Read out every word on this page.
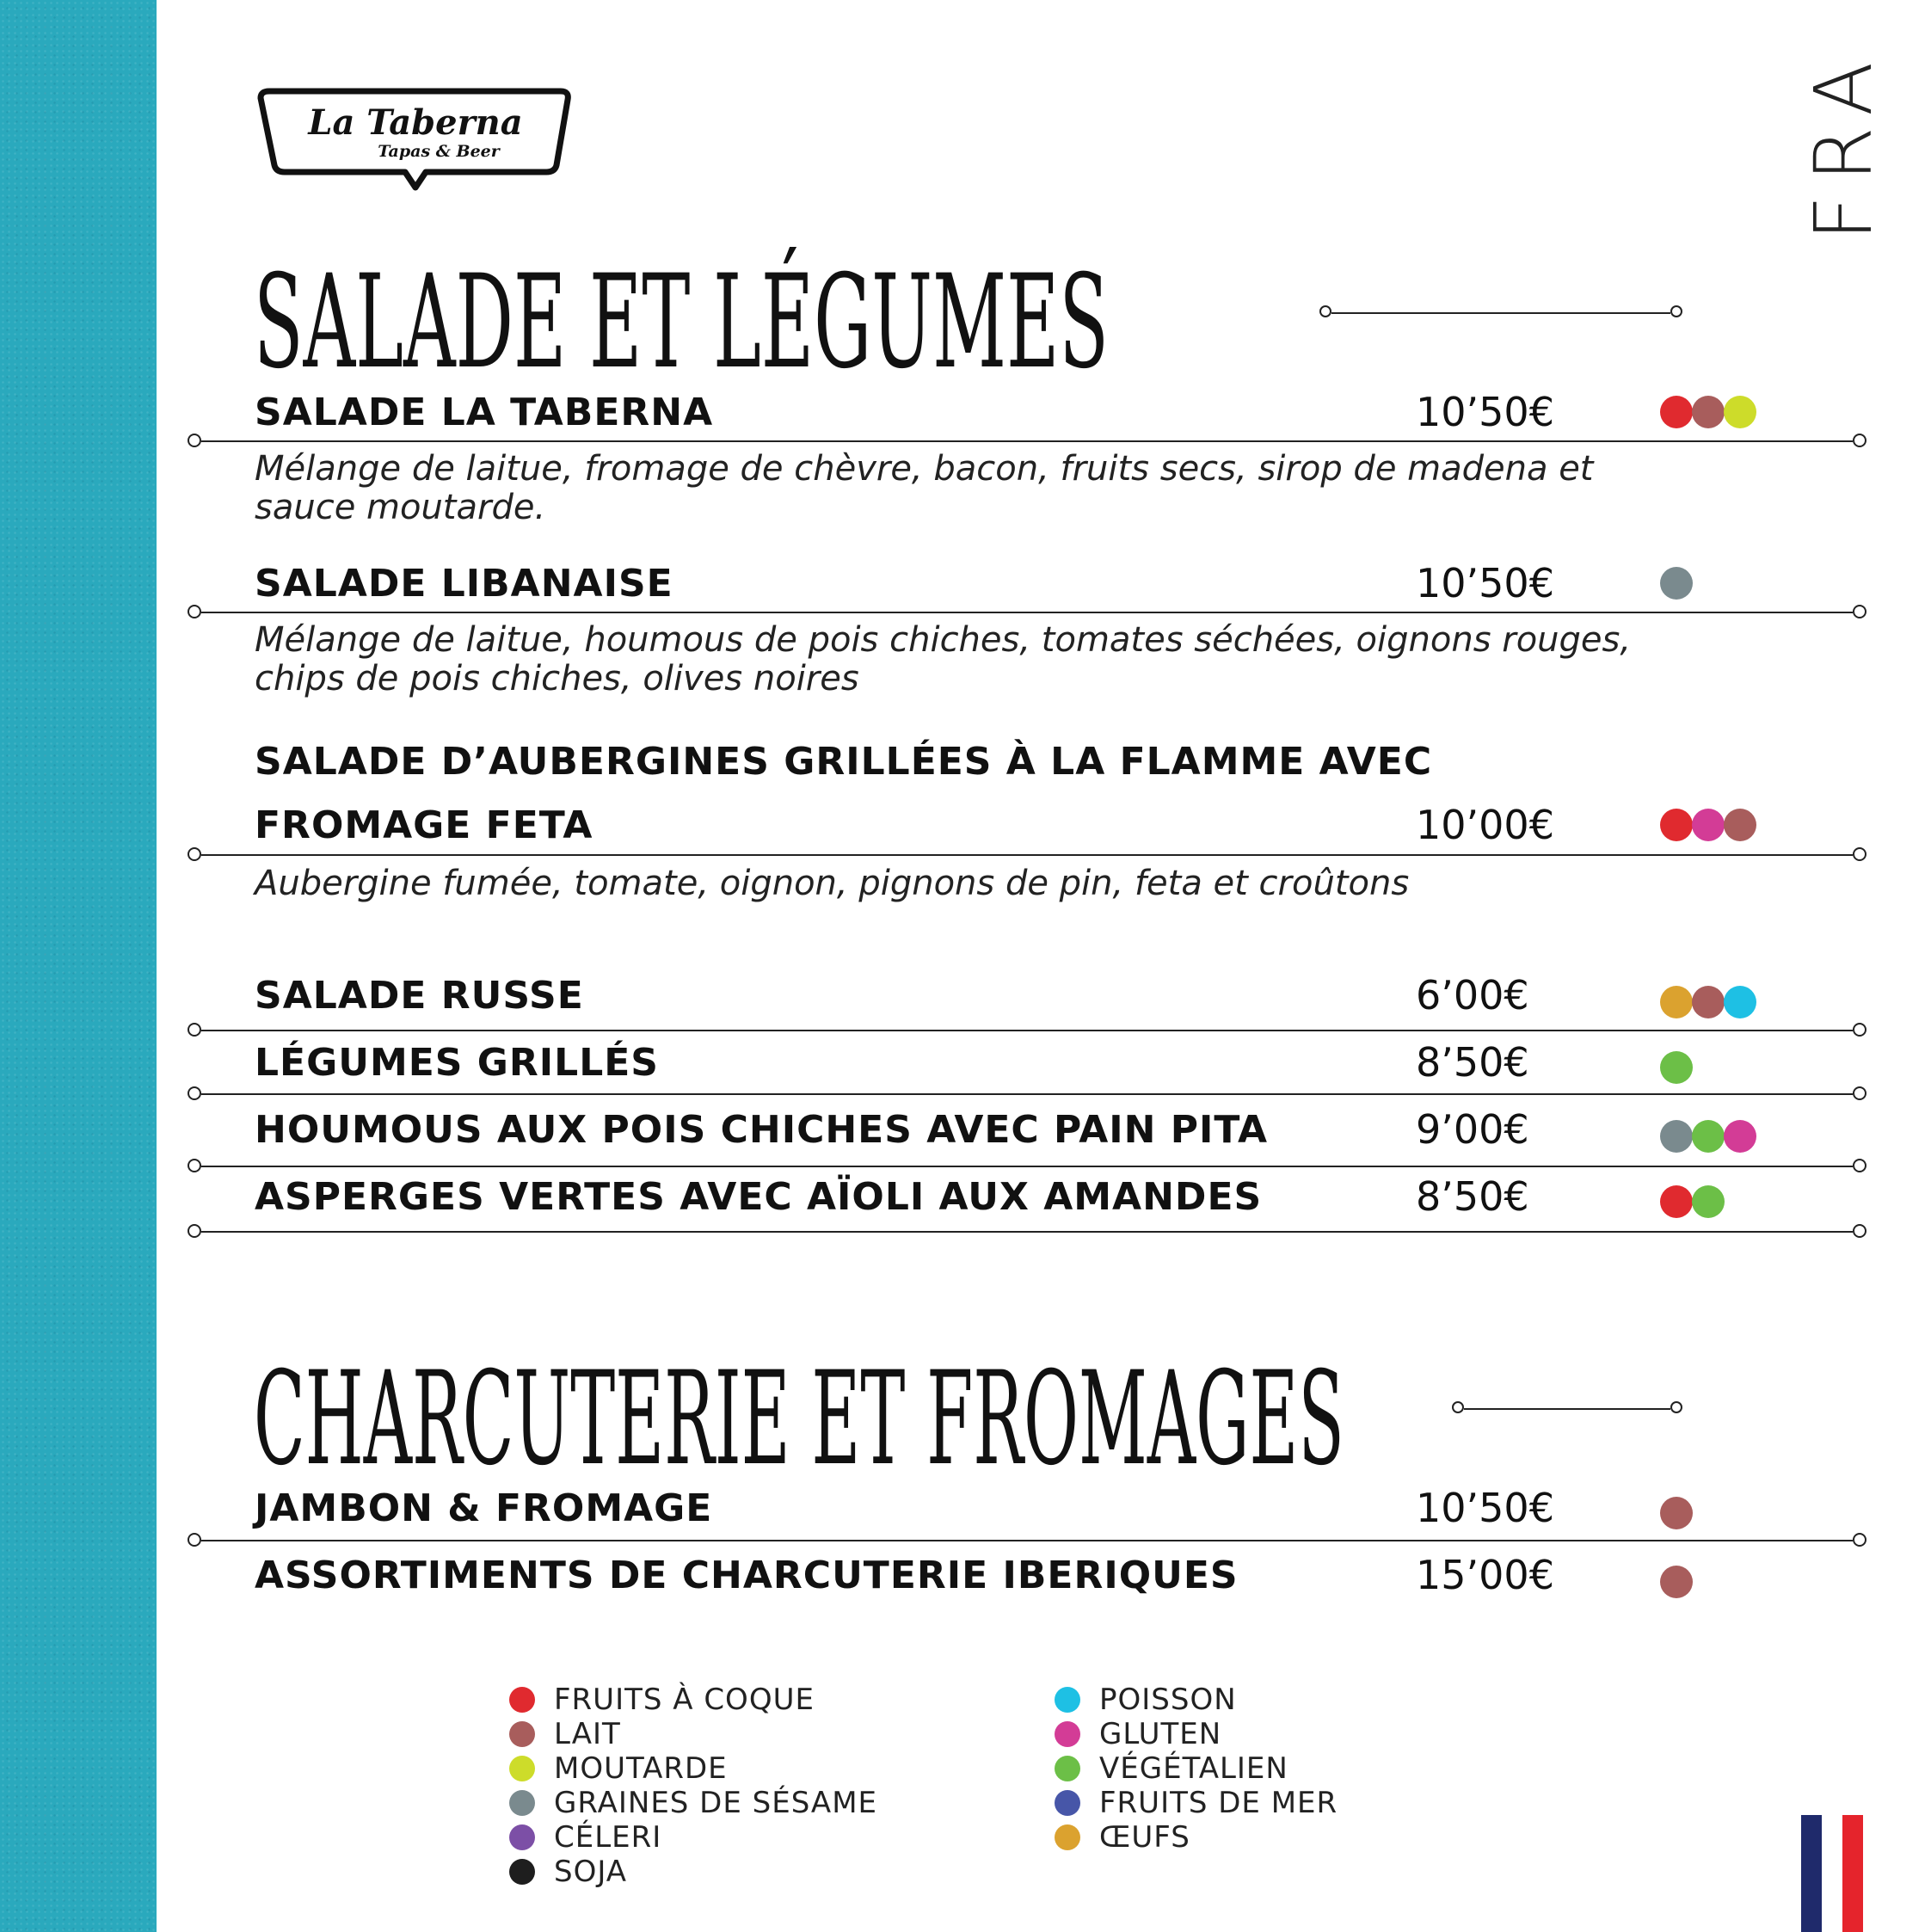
La Taberna
Tapas & Beer	FRA
SALADE ET LÉGUMES
SALADE LA TABERNA	10’50€
Mélange de laitue, fromage de chèvre, bacon, fruits secs, sirop de madena et sauce moutarde.
SALADE LIBANAISE	10’50€
Mélange de laitue, houmous de pois chiches, tomates séchées, oignons rouges, chips de pois chiches, olives noires
SALADE D’AUBERGINES GRILLÉES À LA FLAMME AVEC
FROMAGE FETA	10’00€
Aubergine fumée, tomate, oignon, pignons de pin, feta et croûtons
SALADE RUSSE	6’00€
LÉGUMES GRILLÉS	8’50€
HOUMOUS AUX POIS CHICHES AVEC PAIN PITA	9’00€
ASPERGES VERTES AVEC AÏOLI AUX AMANDES	8’50€
CHARCUTERIE ET FROMAGES
JAMBON & FROMAGE	10’50€
ASSORTIMENTS DE CHARCUTERIE IBERIQUES	15’00€
FRUITS À COQUE
LAIT
MOUTARDE
GRAINES DE SÉSAME
CÉLERI
SOJA
POISSON
GLUTEN
VÉGÉTALIEN
FRUITS DE MER
ŒUFS
